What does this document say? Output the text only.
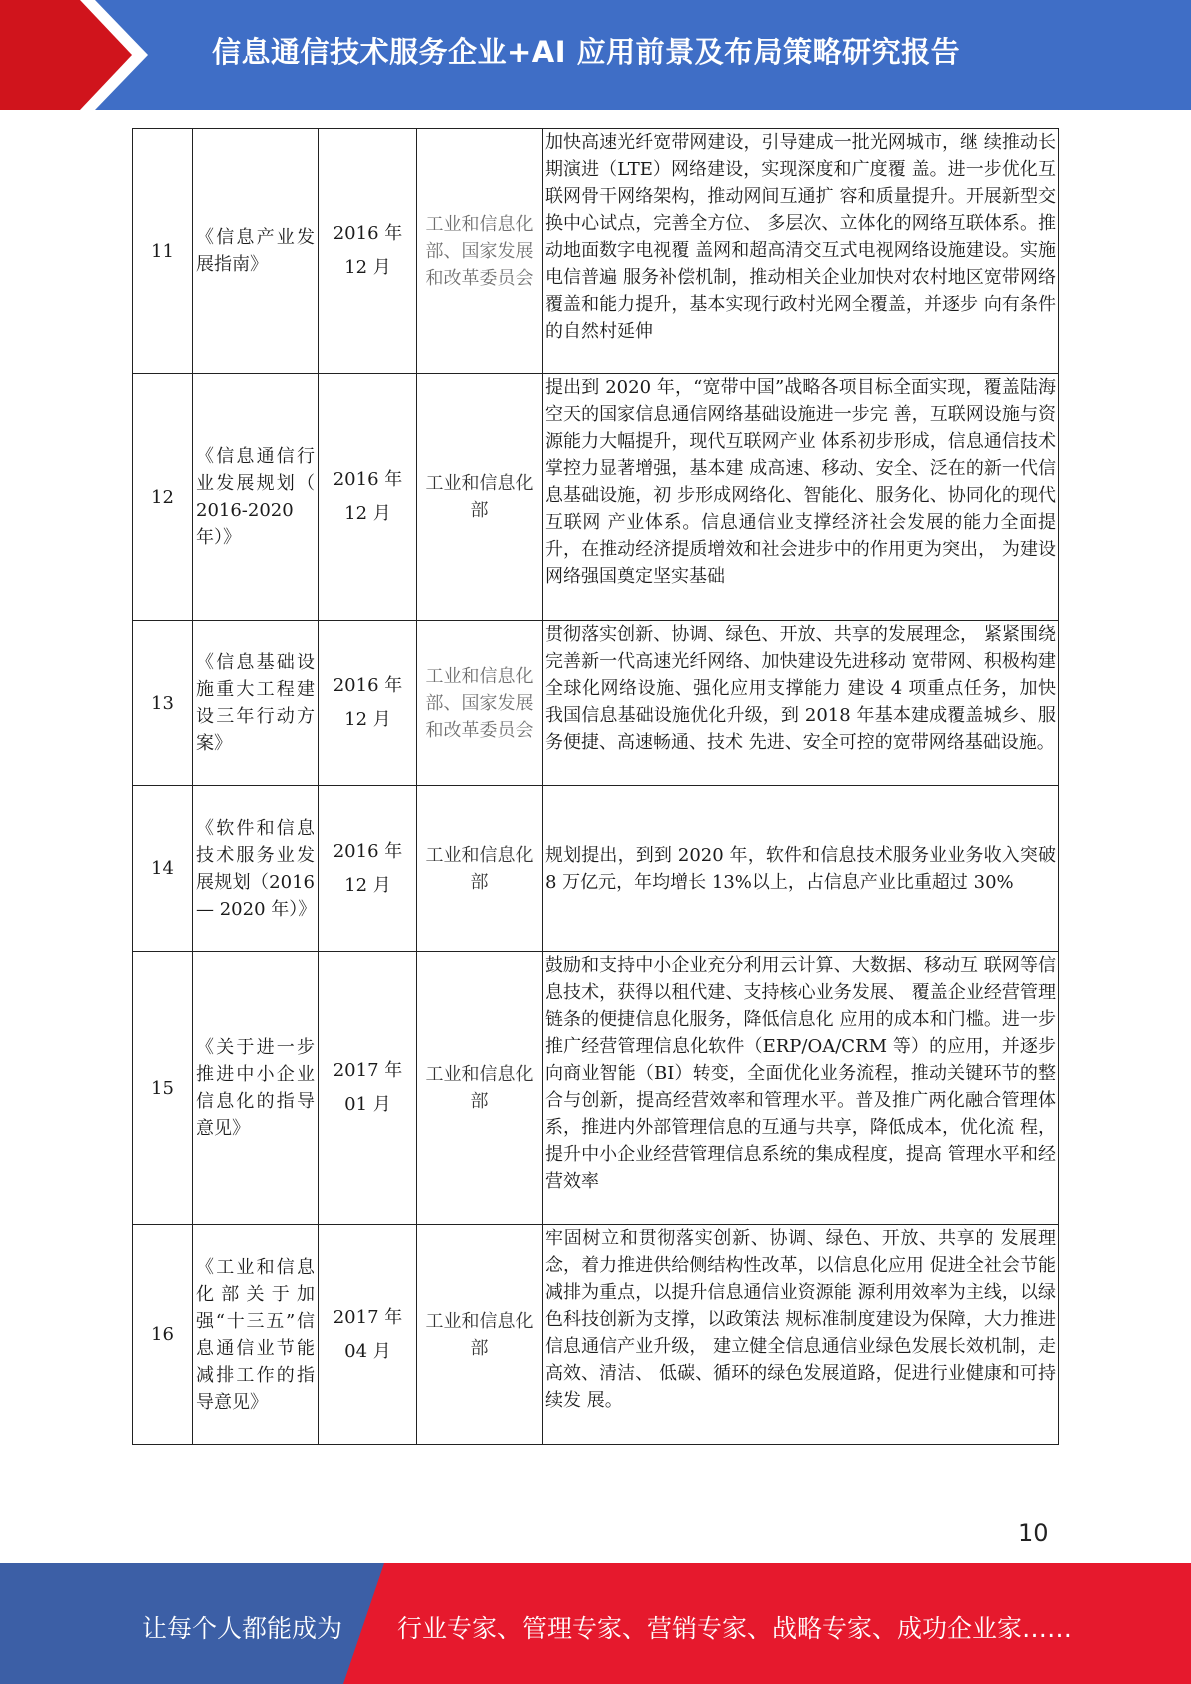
信息通信技术服务企业+AI 应用前景及布局策略研究报告
11	《信息产业发展指南》	2016 年 12 月	工业和信息化部、国家发展和改革委员会	加快高速光纤宽带网建设，引导建成一批光网城市，继 续推动长期演进（LTE）网络建设，实现深度和广度覆 盖。进一步优化互联网骨干网络架构，推动网间互通扩 容和质量提升。开展新型交换中心试点，完善全方位、 多层次、立体化的网络互联体系。推动地面数字电视覆 盖网和超高清交互式电视网络设施建设。实施电信普遍 服务补偿机制，推动相关企业加快对农村地区宽带网络 覆盖和能力提升，基本实现行政村光网全覆盖，并逐步 向有条件的自然村延伸
12	《信息通信行业发展规划（ 2016-2020 年）》	2016 年 12 月	工业和信息化部	提出到 2020 年，“宽带中国”战略各项目标全面实现，覆盖陆海空天的国家信息通信网络基础设施进一步完 善，互联网设施与资源能力大幅提升，现代互联网产业 体系初步形成，信息通信技术掌控力显著增强，基本建 成高速、移动、安全、泛在的新一代信息基础设施，初 步形成网络化、智能化、服务化、协同化的现代互联网 产业体系。信息通信业支撑经济社会发展的能力全面提 升，在推动经济提质增效和社会进步中的作用更为突出， 为建设网络强国奠定坚实基础
13	《信息基础设施重大工程建设三年行动方案》	2016 年 12 月	工业和信息化部、国家发展和改革委员会	贯彻落实创新、协调、绿色、开放、共享的发展理念， 紧紧围绕完善新一代高速光纤网络、加快建设先进移动 宽带网、积极构建全球化网络设施、强化应用支撑能力 建设 4 项重点任务，加快我国信息基础设施优化升级，到 2018 年基本建成覆盖城乡、服务便捷、高速畅通、技术 先进、安全可控的宽带网络基础设施。
14	《软件和信息技术服务业发展规划（2016 — 2020 年）》	2016 年 12 月	工业和信息化部	规划提出，到到 2020 年，软件和信息技术服务业业务收入突破 8 万亿元，年均增长 13%以上，占信息产业比重超过 30%
15	《关于进一步推进中小企业信息化的指导意见》	2017 年 01 月	工业和信息化部	鼓励和支持中小企业充分利用云计算、大数据、移动互 联网等信息技术，获得以租代建、支持核心业务发展、 覆盖企业经营管理链条的便捷信息化服务，降低信息化 应用的成本和门槛。进一步推广经营管理信息化软件（ERP/OA/CRM 等）的应用，并逐步向商业智能（BI）转变，全面优化业务流程，推动关键环节的整合与创新，提高经营效率和管理水平。普及推广两化融合管理体系，推进内外部管理信息的互通与共享，降低成本，优化流 程，提升中小企业经营管理信息系统的集成程度，提高 管理水平和经营效率
16	《工业和信息化部关于加强“十三五”信息通信业节能减排工作的指导意见》	2017 年 04 月	工业和信息化部	牢固树立和贯彻落实创新、协调、绿色、开放、共享的 发展理念，着力推进供给侧结构性改革，以信息化应用 促进全社会节能减排为重点，以提升信息通信业资源能 源利用效率为主线，以绿色科技创新为支撑，以政策法 规标准制度建设为保障，大力推进信息通信产业升级， 建立健全信息通信业绿色发展长效机制，走高效、清洁、 低碳、循环的绿色发展道路，促进行业健康和可持续发 展。
10
让每个人都能成为 行业专家、管理专家、营销专家、战略专家、成功企业家……
